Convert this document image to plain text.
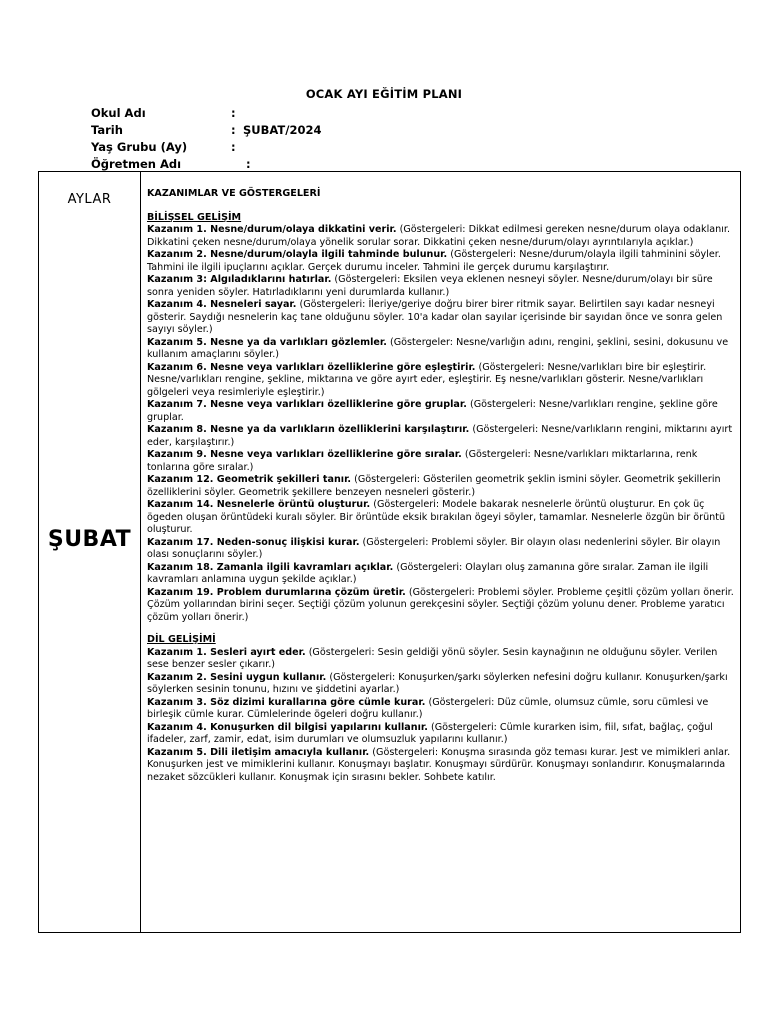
OCAK AYI EĞİTİM PLANI
Okul Adı	:
Tarih	: ŞUBAT/2024
Yaş Grubu (Ay)	:
Öğretmen Adı	:
AYLAR
ŞUBAT
KAZANIMLAR VE GÖSTERGELERİ
BİLİŞSEL GELİŞİM
Kazanım 1. Nesne/durum/olaya dikkatini verir. (Göstergeleri: Dikkat edilmesi gereken nesne/durum olaya odaklanır. Dikkatini çeken nesne/durum/olaya yönelik sorular sorar. Dikkatini çeken nesne/durum/olayı ayrıntılarıyla açıklar.)
Kazanım 2. Nesne/durum/olayla ilgili tahminde bulunur. (Göstergeleri: Nesne/durum/olayla ilgili tahminini söyler. Tahmini ile ilgili ipuçlarını açıklar. Gerçek durumu inceler. Tahmini ile gerçek durumu karşılaştırır.
Kazanım 3: Algıladıklarını hatırlar. (Göstergeleri: Eksilen veya eklenen nesneyi söyler. Nesne/durum/olayı bir süre sonra yeniden söyler. Hatırladıklarını yeni durumlarda kullanır.)
Kazanım 4. Nesneleri sayar. (Göstergeleri: İleriye/geriye doğru birer birer ritmik sayar. Belirtilen sayı kadar nesneyi gösterir. Saydığı nesnelerin kaç tane olduğunu söyler. 10'a kadar olan sayılar içerisinde bir sayıdan önce ve sonra gelen sayıyı söyler.)
Kazanım 5. Nesne ya da varlıkları gözlemler. (Göstergeler: Nesne/varlığın adını, rengini, şeklini, sesini, dokusunu ve kullanım amaçlarını söyler.)
Kazanım 6. Nesne veya varlıkları özelliklerine göre eşleştirir. (Göstergeleri: Nesne/varlıkları bire bir eşleştirir. Nesne/varlıkları rengine, şekline, miktarına ve göre ayırt eder, eşleştirir. Eş nesne/varlıkları gösterir. Nesne/varlıkları gölgeleri veya resimleriyle eşleştirir.)
Kazanım 7. Nesne veya varlıkları özelliklerine göre gruplar. (Göstergeleri: Nesne/varlıkları rengine, şekline göre gruplar.
Kazanım 8. Nesne ya da varlıkların özelliklerini karşılaştırır. (Göstergeleri: Nesne/varlıkların rengini, miktarını ayırt eder, karşılaştırır.)
Kazanım 9. Nesne veya varlıkları özelliklerine göre sıralar. (Göstergeleri: Nesne/varlıkları miktarlarına, renk tonlarına göre sıralar.)
Kazanım 12. Geometrik şekilleri tanır. (Göstergeleri: Gösterilen geometrik şeklin ismini söyler. Geometrik şekillerin özelliklerini söyler. Geometrik şekillere benzeyen nesneleri gösterir.)
Kazanım 14. Nesnelerle örüntü oluşturur. (Göstergeleri: Modele bakarak nesnelerle örüntü oluşturur. En çok üç ögeden oluşan örüntüdeki kuralı söyler. Bir örüntüde eksik bırakılan ögeyi söyler, tamamlar. Nesnelerle özgün bir örüntü oluşturur.
Kazanım 17. Neden-sonuç ilişkisi kurar. (Göstergeleri: Problemi söyler. Bir olayın olası nedenlerini söyler. Bir olayın olası sonuçlarını söyler.)
Kazanım 18. Zamanla ilgili kavramları açıklar. (Göstergeleri: Olayları oluş zamanına göre sıralar. Zaman ile ilgili kavramları anlamına uygun şekilde açıklar.)
Kazanım 19. Problem durumlarına çözüm üretir. (Göstergeleri: Problemi söyler. Probleme çeşitli çözüm yolları önerir. Çözüm yollarından birini seçer. Seçtiği çözüm yolunun gerekçesini söyler. Seçtiği çözüm yolunu dener. Probleme yaratıcı çözüm yolları önerir.)
DİL GELİŞİMİ
Kazanım 1. Sesleri ayırt eder. (Göstergeleri: Sesin geldiği yönü söyler. Sesin kaynağının ne olduğunu söyler. Verilen sese benzer sesler çıkarır.)
Kazanım 2. Sesini uygun kullanır. (Göstergeleri: Konuşurken/şarkı söylerken nefesini doğru kullanır. Konuşurken/şarkı söylerken sesinin tonunu, hızını ve şiddetini ayarlar.)
Kazanım 3. Söz dizimi kurallarına göre cümle kurar. (Göstergeleri: Düz cümle, olumsuz cümle, soru cümlesi ve birleşik cümle kurar. Cümlelerinde ögeleri doğru kullanır.)
Kazanım 4. Konuşurken dil bilgisi yapılarını kullanır. (Göstergeleri: Cümle kurarken isim, fiil, sıfat, bağlaç, çoğul ifadeler, zarf, zamir, edat, isim durumları ve olumsuzluk yapılarını kullanır.)
Kazanım 5. Dili iletişim amacıyla kullanır. (Göstergeleri: Konuşma sırasında göz teması kurar. Jest ve mimikleri anlar. Konuşurken jest ve mimiklerini kullanır. Konuşmayı başlatır. Konuşmayı sürdürür. Konuşmayı sonlandırır. Konuşmalarında nezaket sözcükleri kullanır. Konuşmak için sırasını bekler. Sohbete katılır.
